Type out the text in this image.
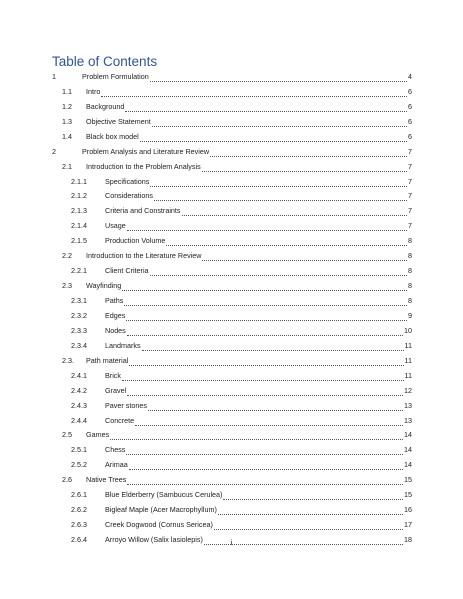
Table of Contents
1	Problem Formulation	4
1.1	Intro	6
1.2	Background	6
1.3	Objective Statement	6
1.4	Black box model	6
2	Problem Analysis and Literature Review	7
2.1	Introduction to the Problem Analysis	7
2.1.1	Specifications	7
2.1.2	Considerations	7
2.1.3	Criteria and Constraints	7
2.1.4	Usage	7
2.1.5	Production Volume	8
2.2	Introduction to the Literature Review	8
2.2.1	Client Criteria	8
2.3	Wayfinding	8
2.3.1	Paths	8
2.3.2	Edges	9
2.3.3	Nodes	10
2.3.4	Landmarks	11
2.3.	Path material	11
2.4.1	Brick	11
2.4.2	Gravel	12
2.4.3	Paver stones	13
2.4.4	Concrete	13
2.5	Games	14
2.5.1	Chess	14
2.5.2	Arimaa	14
2.6	Native Trees	15
2.6.1	Blue Elderberry (Sambucus Cerulea)	15
2.6.2	Bigleaf Maple (Acer Macrophyllum)	16
2.6.3	Creek Dogwood (Cornus Sericea)	17
2.6.4	Arroyo Willow (Salix lasiolepis)	18
i
